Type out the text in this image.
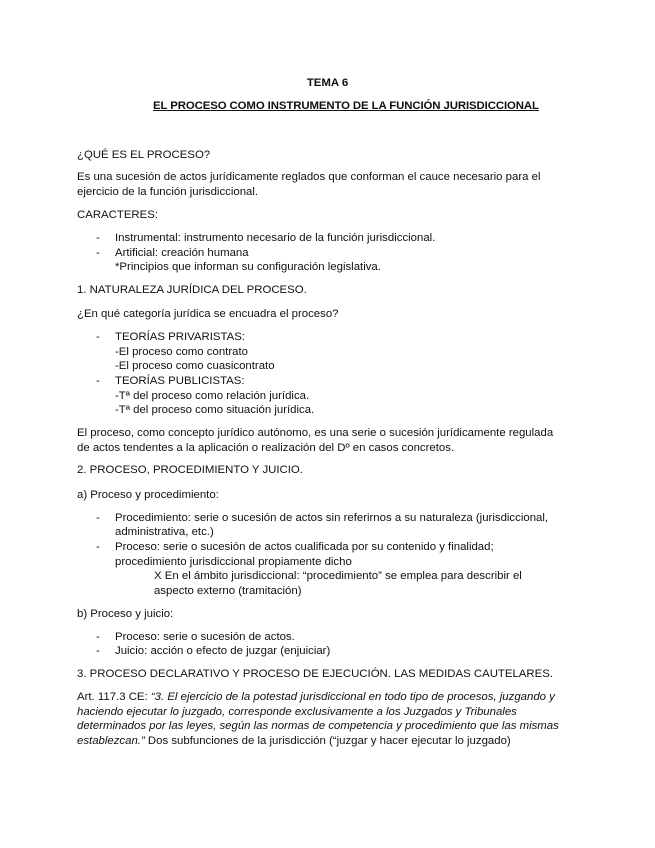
TEMA 6
EL PROCESO COMO INSTRUMENTO DE LA FUNCIÓN JURISDICCIONAL
¿QUÉ ES EL PROCESO?
Es una sucesión de actos jurídicamente reglados que conforman el cauce necesario para el
ejercicio de la función jurisdiccional.
CARACTERES:
- Instrumental: instrumento necesario de la función jurisdiccional.
- Artificial: creación humana
*Principios que informan su configuración legislativa.
1. NATURALEZA JURÍDICA DEL PROCESO.
¿En qué categoría jurídica se encuadra el proceso?
- TEORÍAS PRIVARISTAS:
-El proceso como contrato
-El proceso como cuasicontrato
- TEORÍAS PUBLICISTAS:
-Tª del proceso como relación jurídica.
-Tª del proceso como situación jurídica.
El proceso, como concepto jurídico autónomo, es una serie o sucesión jurídicamente regulada
de actos tendentes a la aplicación o realización del Dº en casos concretos.
2. PROCESO, PROCEDIMIENTO Y JUICIO.
a) Proceso y procedimiento:
- Procedimiento: serie o sucesión de actos sin referirnos a su naturaleza (jurisdiccional,
administrativa, etc.)
- Proceso: serie o sucesión de actos cualificada por su contenido y finalidad;
procedimiento jurisdiccional propiamente dicho
X En el ámbito jurisdiccional: “procedimiento” se emplea para describir el
aspecto externo (tramitación)
b) Proceso y juicio:
- Proceso: serie o sucesión de actos.
- Juicio: acción o efecto de juzgar (enjuiciar)
3. PROCESO DECLARATIVO Y PROCESO DE EJECUCIÓN. LAS MEDIDAS CAUTELARES.
Art. 117.3 CE: “3. El ejercicio de la potestad jurisdiccional en todo tipo de procesos, juzgando y
haciendo ejecutar lo juzgado, corresponde exclusivamente a los Juzgados y Tribunales
determinados por las leyes, según las normas de competencia y procedimiento que las mismas
establezcan.” Dos subfunciones de la jurisdicción (“juzgar y hacer ejecutar lo juzgado)
